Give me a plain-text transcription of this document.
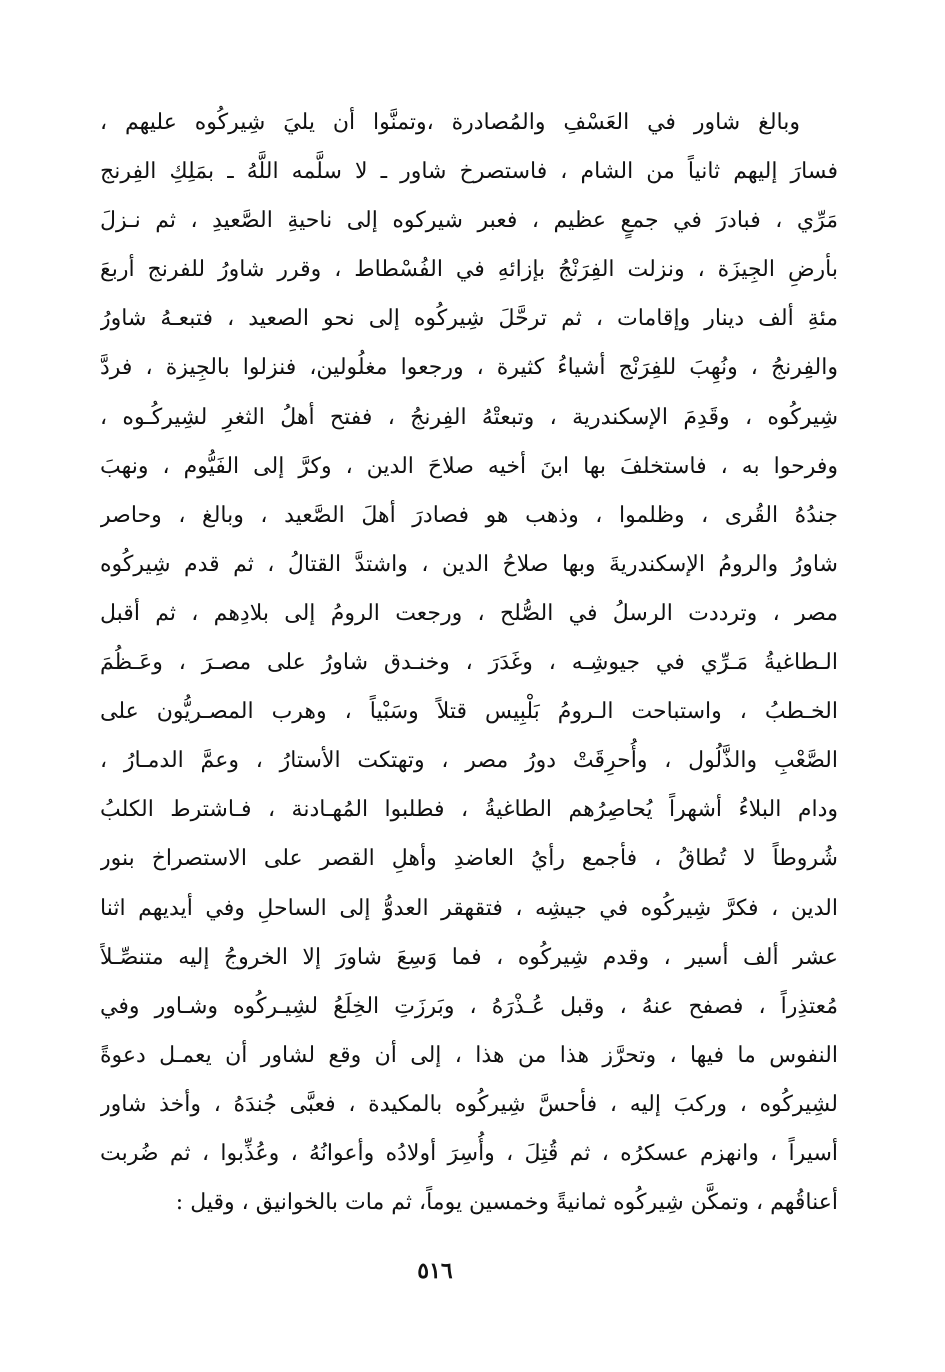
وبالغ شاور في العَسْفِ والمُصادرة ،وتمنَّوا أن يليَ شِيركُوه عليهم ،
فسارَ إليهم ثانياً من الشام ، فاستصرخ شاور ـ لا سلَّمه اللَّهُ ـ بمَلِكِ الفِرنج
مَرِّي ، فبادرَ في جمعٍ عظيم ، فعبر شيركوه إلى ناحيةِ الصَّعيدِ ، ثم نـزلَ
بأرضِ الجِيزَة ، ونزلت الفِرَنْجُ بإزائهِ في الفُسْطاط ، وقرر شاورُ للفرنج أربعَ
مئةِ ألف دينار وإقامات ، ثم ترحَّلَ شِيركُوه إلى نحو الصعيد ، فتبعـهُ شاورُ
والفِرنجُ ، ونُهِبَ للفِرَنْج أشياءُ كثيرة ، ورجعوا مغلُولين، فنزلوا بالجِيزة ، فردَّ
شِيركُوه ، وقَدِمَ الإسكندرية ، وتبعتْهُ الفِرنجُ ، ففتح أهلُ الثغرِ لشِيركُـوه ،
وفرحوا به ، فاستخلفَ بها ابنَ أخيه صلاحَ الدين ، وكرَّ إلى الفَيُّوم ، ونهبَ
جندُهُ القُرى ، وظلموا ، وذهب هو فصادرَ أهلَ الصَّعيد ، وبالغ ، وحاصر
شاورُ والرومُ الإسكندريةَ وبها صلاحُ الدين ، واشتدَّ القتالُ ، ثم قدم شِيركُوه
مصر ، وترددت الرسلُ في الصُّلح ، ورجعت الرومُ إلى بلادِهم ، ثم أقبل
الـطاغيةُ مَـرِّي في جيوشِـه ، وغَدَرَ ، وخنـدق شاورُ على مصـرَ ، وعَـظُمَ
الخـطبُ ، واستباحت الـرومُ بَلْبِيس قتلاً وسَبْياً ، وهرب المصـريُّون على
الصَّعْبِ والذَّلُول ، وأُحرِقَتْ دورُ مصر ، وتهتكت الأستارُ ، وعمَّ الدمـارُ ،
ودام البلاءُ أشهراً يُحاصِرُهم الطاغيةُ ، فطلبوا المُهـادنة ، فـاشترط الكلبُ
شُروطاً لا تُطاقُ ، فأجمع رأيُ العاضدِ وأهلِ القصر على الاستصراخ بنور
الدين ، فكرَّ شِيركُوه في جيشِه ، فتقهقر العدوُّ إلى الساحلِ وفي أيديهم اثنا
عشر ألف أسير ، وقدم شِيركُوه ، فما وَسِعَ شاورَ إلا الخروجُ إليه متنصِّـلاً
مُعتذِراً ، فصفح عنهُ ، وقبل عُـذْرَهُ ، وبَرزَتِ الخِلَعُ لشِيـركُوه وشـاور وفي
النفوس ما فيها ، وتحرَّز هذا من هذا ، إلى أن وقع لشاور أن يعمـل دعوةً
لشِيركُوه ، وركبَ إليه ، فأحسَّ شِيركُوه بالمكيدة ، فعبَّى جُندَهُ ، وأخذ شاور
أسيراً ، وانهزم عسكرُه ، ثم قُتِلَ ، وأُسِرَ أولادُه وأعوانُهُ ، وعُذِّبوا ، ثم ضُربت
أعناقُهم ، وتمكَّن شِيركُوه ثمانيةً وخمسين يوماً، ثم مات بالخوانيق ، وقيل :
٥١٦
